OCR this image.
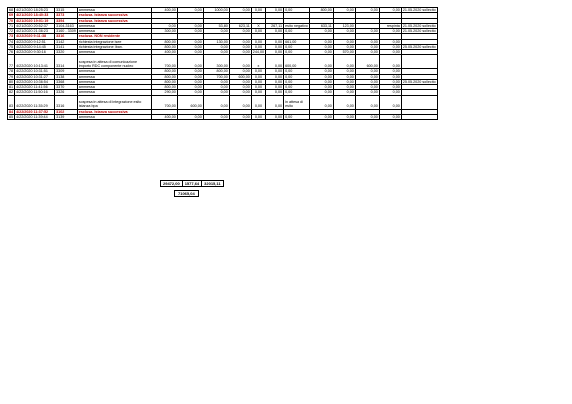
68	4/21/2020 18:25:23	3315	ammessa	400,00	0,00	1000,00	0,00	0,00	0,00	0,00	800,00	0,00	0,00	0,00	21.05.2020 sollecito
69	4/21/2020 18:40:33	3373	esclusa. Istanza successiva												
70	4/21/2020 19:01:19	3394	esclusa. Istanza successiva												
71	4/21/2020 20:52:37	3104-3163	ammessa	0,00	0,00	53,80	623,11	X	267,11	esito negativo	633,11	123,00		respinta	21.05.2020 sollecito
72	4/21/2020 21:36:23	3160 - 3309	ammessa	300,00	0,00	0,00	0,00	0,00	0,00	0,00	0,00	0,00	0,00	0,00	21.05.2020 sollecito
73	4/22/2020 9:11:38	3316	esclusa. NON residente												
74	4/22/2020 9:12:51	3142	richiesta integrazione isee	800,00	0,00	130,00	0,00	0,00	0,00	661,00	0,00	0,00	0,00	0,00	
75	4/22/2020 9:14:45	3141	richiesta integrazione Iban.	800,00	0,00	0,00	0,00	0,00	0,00	0,00	0,00	0,00	0,00	0,00	25.05.2020 sollecito
76	4/22/2020 9:30:16	3320	ammessa	400,00	0,00	0,00	0,00	244,00	0,00	0,00	0,00	570,00	0,00	0,00	
77	4/22/2020 10:13:41	3314	sospesa in attesa di comunicazione importo RDC componente nucleo	700,00	0,00	300,00	0,00	x	0,00	600,00	0,00	0,00	600,00	0,00	
78	4/22/2020 10:31:51	3309	ammessa	800,00	0,00	800,00	0,00	0,00	0,00	0,00	0,00	0,00	0,00	0,00	
79	4/22/2020 10:31:27	3138	ammessa	800,00	0,00	700,00	600,00	0,00	0,00	0,00	0,00	0,00	0,00	0,00	
80	4/22/2020 10:36:54	3368	ammessa	800,00	0,00	0,00	0,00	0,00	0,00	0,00	0,00	0,00	0,00	0,00	25.05.2020 sollecito
81	4/22/2020 11:41:56	3370	ammessa	800,00	0,00	0,00	0,00	0,00	0,00	0,00	0,00	0,00	0,00	0,00	
82	4/22/2020 11:50:16	3326	ammessa	290,00	0,00	0,00	0,00	0,00	0,00	0,00	0,00	0,00	0,00	0,00	
83	4/22/2020 11:35:29	3316	sospesa in attesa di integrazione esito istanza bpa	700,00	600,00	0,00	0,00	0,00	0,00	in attesa di esito	0,00	0,00	0,00	0,00	
84	4/22/2020 11:37:52	3102	esclusa. Istanza successiva												
85	4/22/2020 11:39:44	3139	ammessa	400,00	0,00	0,00	0,00	0,00	0,00	0,00	0,00	0,00	0,00	0,00	
29472,00	1577,64	32015,11
71065,04
